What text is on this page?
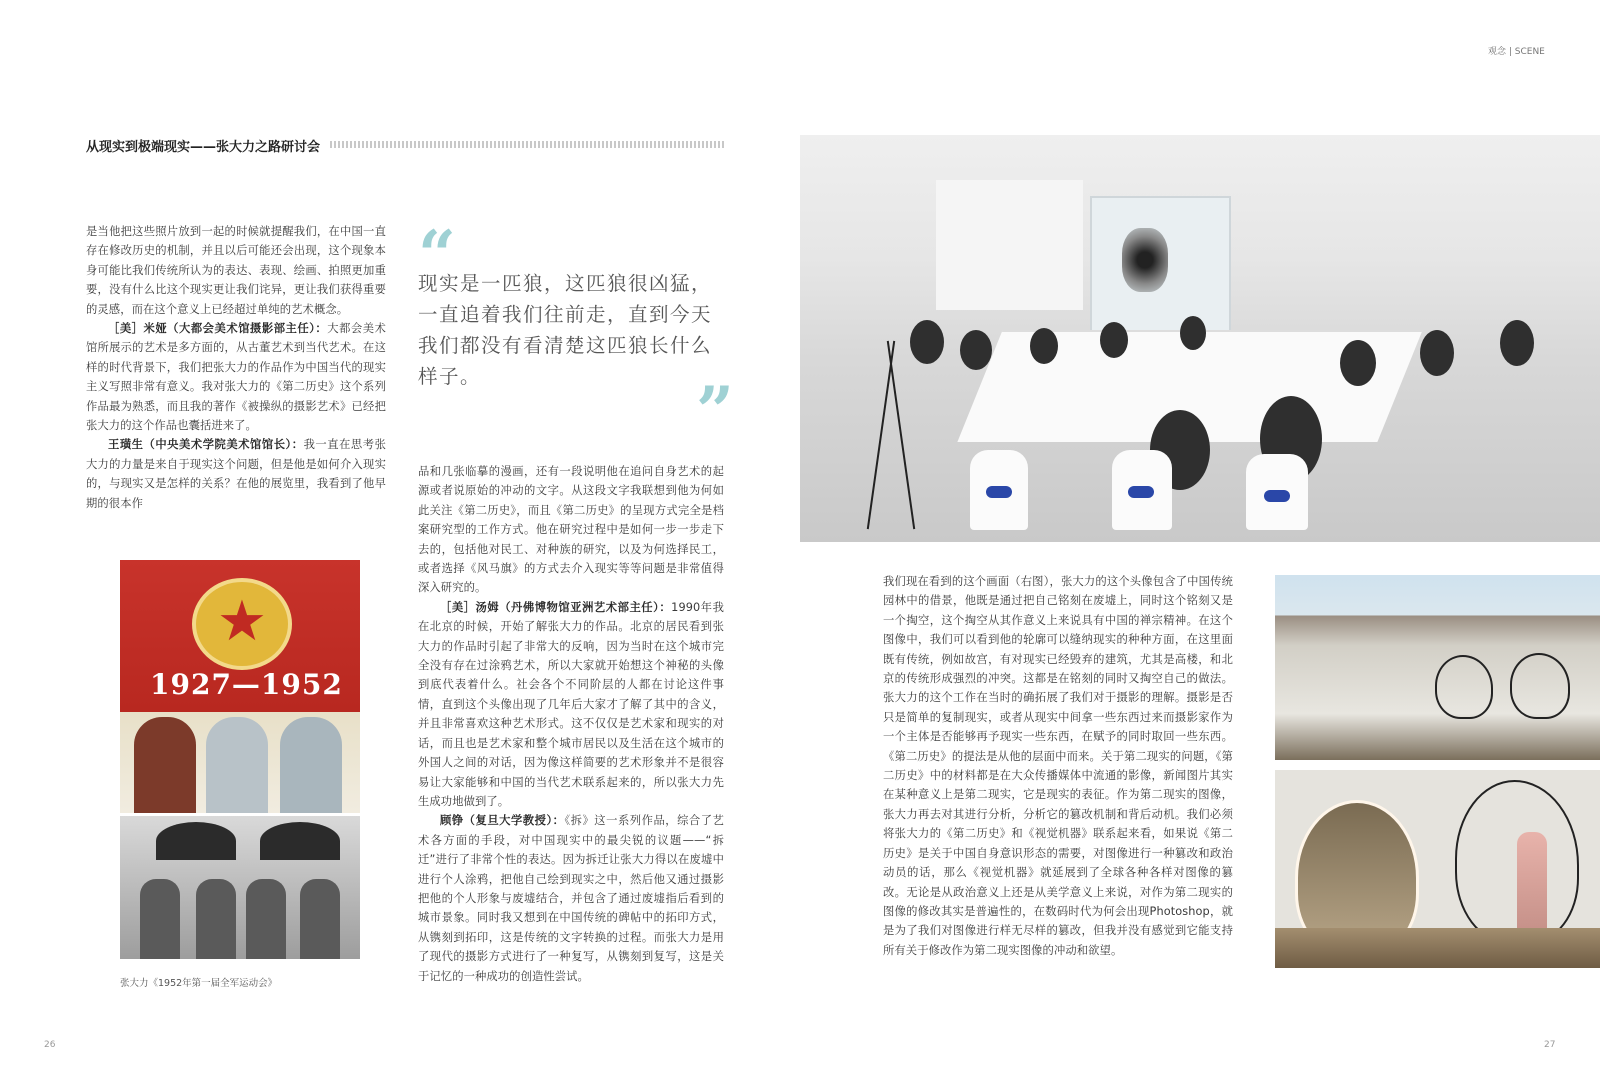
观念 | SCENE
从现实到极端现实——张大力之路研讨会

是当他把这些照片放到一起的时候就提醒我们，在中国一直存在修改历史的机制，并且以后可能还会出现，这个现象本身可能比我们传统所认为的表达、表现、绘画、拍照更加重要，没有什么比这个现实更让我们诧异，更让我们获得重要的灵感，而在这个意义上已经超过单纯的艺术概念。

［美］米娅（大都会美术馆摄影部主任）：大都会美术馆所展示的艺术是多方面的，从古董艺术到当代艺术。在这样的时代背景下，我们把张大力的作品作为中国当代的现实主义写照非常有意义。我对张大力的《第二历史》这个系列作品最为熟悉，而且我的著作《被操纵的摄影艺术》已经把张大力的这个作品也囊括进来了。

王璜生（中央美术学院美术馆馆长）：我一直在思考张大力的力量是来自于现实这个问题，但是他是如何介入现实的，与现实又是怎样的关系？在他的展览里，我看到了他早期的很本作

“
现实是一匹狼，这匹狼很凶猛，一直追着我们往前走，直到今天我们都没有看清楚这匹狼长什么样子。	”

品和几张临摹的漫画，还有一段说明他在追问自身艺术的起源或者说原始的冲动的文字。从这段文字我联想到他为何如此关注《第二历史》，而且《第二历史》的呈现方式完全是档案研究型的工作方式。他在研究过程中是如何一步一步走下去的，包括他对民工、对种族的研究，以及为何选择民工，或者选择《风马旗》的方式去介入现实等等问题是非常值得深入研究的。

［美］汤姆（丹佛博物馆亚洲艺术部主任）：1990年我在北京的时候，开始了解张大力的作品。北京的居民看到张大力的作品时引起了非常大的反响，因为当时在这个城市完全没有存在过涂鸦艺术，所以大家就开始想这个神秘的头像到底代表着什么。社会各个不同阶层的人都在讨论这件事情，直到这个头像出现了几年后大家才了解了其中的含义，并且非常喜欢这种艺术形式。这不仅仅是艺术家和现实的对话，而且也是艺术家和整个城市居民以及生活在这个城市的外国人之间的对话，因为像这样简要的艺术形象并不是很容易让大家能够和中国的当代艺术联系起来的，所以张大力先生成功地做到了。

顾铮（复旦大学教授）：《拆》这一系列作品，综合了艺术各方面的手段，对中国现实中的最尖锐的议题——“拆迁”进行了非常个性的表达。因为拆迁让张大力得以在废墟中进行个人涂鸦，把他自己绘到现实之中，然后他又通过摄影把他的个人形象与废墟结合，并包含了通过废墟指后看到的城市景象。同时我又想到在中国传统的碑帖中的拓印方式，从镌刻到拓印，这是传统的文字转换的过程。而张大力是用了现代的摄影方式进行了一种复写，从镌刻到复写，这是关于记忆的一种成功的创造性尝试。

★
1927—1952
张大力《1952年第一届全军运动会》

我们现在看到的这个画面（右图），张大力的这个头像包含了中国传统园林中的借景，他既是通过把自己铭刻在废墟上，同时这个铭刻又是一个掏空，这个掏空从其作意义上来说具有中国的禅宗精神。在这个图像中，我们可以看到他的轮廓可以缝纳现实的种种方面，在这里面既有传统，例如故宫，有对现实已经毁弃的建筑，尤其是高楼，和北京的传统形成强烈的冲突。这都是在铭刻的同时又掏空自己的做法。张大力的这个工作在当时的确拓展了我们对于摄影的理解。摄影是否只是简单的复制现实，或者从现实中间拿一些东西过来而摄影家作为一个主体是否能够再予现实一些东西，在赋予的同时取回一些东西。《第二历史》的提法是从他的层面中而来。关于第二现实的问题，《第二历史》中的材料都是在大众传播媒体中流通的影像，新闻图片其实在某种意义上是第二现实，它是现实的表征。作为第二现实的图像，张大力再去对其进行分析，分析它的篡改机制和背后动机。我们必须将张大力的《第二历史》和《视觉机器》联系起来看，如果说《第二历史》是关于中国自身意识形态的需要，对图像进行一种篡改和政治动员的话，那么《视觉机器》就延展到了全球各种各样对图像的篡改。无论是从政治意义上还是从美学意义上来说，对作为第二现实的图像的修改其实是普遍性的，在数码时代为何会出现Photoshop，就是为了我们对图像进行样无尽样的篡改，但我并没有感觉到它能支持所有关于修改作为第二现实图像的冲动和欲望。

26	27
